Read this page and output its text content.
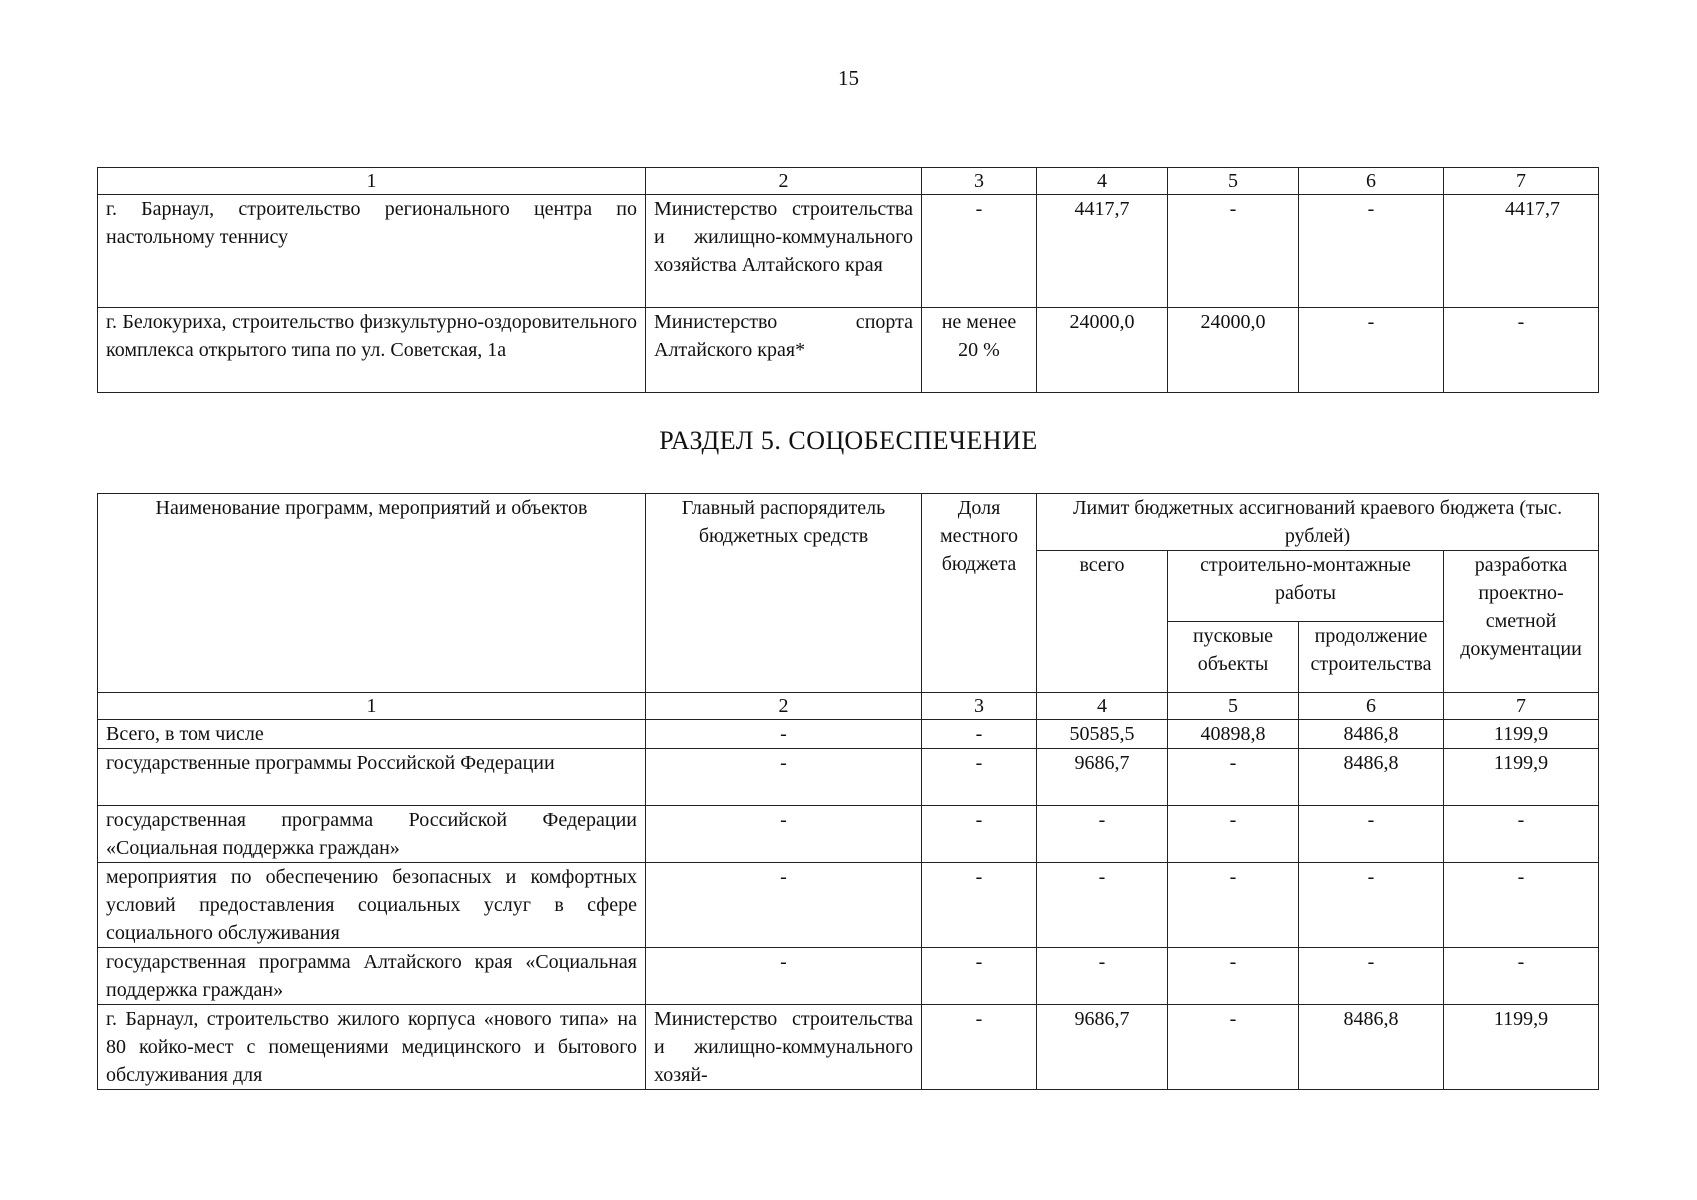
15
1	2	3	4	5	6	7
г. Барнаул, строительство регионального центра по настольному теннису	Министерство строительства и жилищно-коммунального хозяйства Алтайского края	-	4417,7	-	-	4417,7
г. Белокуриха, строительство физкультурно-оздоровительного комплекса открытого типа по ул. Советская, 1а	Министерство спорта Алтайского края*	не менее 20 %	24000,0	24000,0	-	-
РАЗДЕЛ 5. СОЦОБЕСПЕЧЕНИЕ
Наименование программ, мероприятий и объектов	Главный распорядитель бюджетных средств	Доля местного бюджета	Лимит бюджетных ассигнований краевого бюджета (тыс. рублей)			
			всего	строительно-монтажные работы		разработка проектно-сметной документации
				пусковые объекты	продолжение строительства	

1	2	3	4	5	6	7
Всего, в том числе	-	-	50585,5	40898,8	8486,8	1199,9
государственные программы Российской Федерации	-	-	9686,7	-	8486,8	1199,9
государственная программа Российской Федерации «Социальная поддержка граждан»	-	-	-	-	-	-
мероприятия по обеспечению безопасных и комфортных условий предоставления социальных услуг в сфере социального обслуживания	-	-	-	-	-	-
государственная программа Алтайского края «Социальная поддержка граждан»	-	-	-	-	-	-
г. Барнаул, строительство жилого корпуса «нового типа» на 80 койко-мест с помещениями медицинского и бытового обслуживания для	Министерство строительства и жилищно-коммунального хозяй-	-	9686,7	-	8486,8	1199,9
